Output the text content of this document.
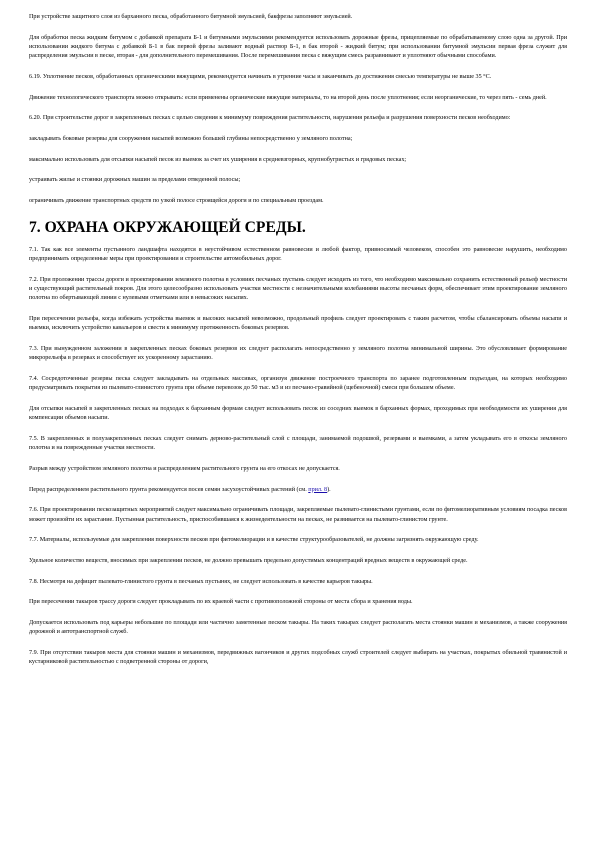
При устройстве защитного слоя из барханного песка, обработанного битумной эмульсией, бакфрезы заполняют эмульсией.

Для обработки песка жидким битумом с добавкой препарата Б-1 и битумными эмульсиями рекомендуется использовать дорожные фрезы, прицепляемые по обрабатываемому слою одна за другой. При использовании жидкого битума с добавкой Б-1 в бак первой фрезы заливают водный раствор Б-1, в бак второй - жидкий битум; при использовании битумной эмульсии первая фреза служит для распределения эмульсии в песке, вторая - для дополнительного перемешивания. После перемешивания песка с вяжущим смесь разравнивают и уплотняют обычными способами.

6.19. Уплотнение песков, обработанных органическими вяжущими, рекомендуется начинать в утренние часы и заканчивать до достижения смесью температуры не выше 35 °С.

Движение технологического транспорта можно открывать: если применены органические вяжущие материалы, то на второй день после уплотнения; если неорганические, то через пять - семь дней.

6.20. При строительстве дорог в закрепленных песках с целью сведения к минимуму повреждения растительности, нарушения рельефа и разрушения поверхности песков необходимо:

закладывать боковые резервы для сооружения насыпей возможно большей глубины непосредственно у земляного полотна;

максимально использовать для отсыпки насыпей песок из выемок за счет их уширения в средневзгорных, крупнобугристых и грядовых песках;

устраивать жилье и стоянки дорожных машин за пределами отведенной полосы;

ограничивать движение транспортных средств по узкой полосе строящейся дороги и по специальным проездам.

7. ОХРАНА ОКРУЖАЮЩЕЙ СРЕДЫ.

7.1. Так как все элементы пустынного ландшафта находятся в неустойчивом естественном равновесии и любой фактор, привносимый человеком, способен это равновесие нарушить, необходимо предпринимать определенные меры при проектировании и строительстве автомобильных дорог.

7.2. При проложении трассы дороги и проектировании земляного полотна в условиях песчаных пустынь следует исходить из того, что необходимо максимально сохранить естественный рельеф местности и существующий растительный покров. Для этого целесообразно использовать участки местности с незначительными колебаниями высоты песчаных форм, обеспечивает этим проектирование земляного полотна по обертывающей линии с нулевыми отметками или в невысоких насыпях.

При пересечении рельефа, когда избежать устройства выемок и высоких насыпей невозможно, продольный профиль следует проектировать с таким расчетом, чтобы сбалансировать объемы насыпи и выемки, исключить устройство кавальеров и свести к минимуму протяженность боковых резервов.

7.3. При вынужденном заложении в закрепленных песках боковых резервов их следует располагать непосредственно у земляного полотна минимальной ширины. Это обусловливает формирование микрорельефа в резервах и способствует их ускоренному зарастанию.

7.4. Сосредоточенные резервы песка следует закладывать на отдельных массивах, организуя движение построечного транспорта по заранее подготовленным подъездам, на которых необходимо предусматривать покрытия из пылевато-глинистого грунта при объеме перевозок до 50 тыс. м3 и из песчано-гравийной (щебеночной) смеси при большем объеме.

Для отсыпки насыпей в закрепленных песках на подходах к барханным формам следует использовать песок из соседних выемок в барханных формах, проходимых при необходимости их уширения для компенсации объемов насыпи.

7.5. В закрепленных и полузакрепленных песках следует снимать дерново-растительный слой с площади, занимаемой подошвой, резервами и выемками, а затем укладывать его в откосы земляного полотна и на поврежденные участки местности.

Разрыв между устройством земляного полотна и распределением растительного грунта на его откосах не допускается.

Перед распределением растительного грунта рекомендуется посев семян засухоустойчивых растений (см. прил. 8).

7.6. При проектировании пескозащитных мероприятий следует максимально ограничивать площади, закрепляемые пылевато-глинистыми грунтами, если по фитомелиоративным условиям посадка песков может произойти их зарастание. Пустынная растительность, приспособившаяся к жизнедеятельности на песках, не развивается на пылевато-глинистом грунте.

7.7. Материалы, используемые для закрепления поверхности песков при фитомелиорации и в качестве структурообразователей, не должны загрязнять окружающую среду.

Удельное количество веществ, вносимых при закреплении песков, не должно превышать предельно допустимых концентраций вредных веществ в окружающей среде.

7.8. Несмотря на дефицит пылевато-глинистого грунта в песчаных пустынях, не следует использовать в качестве карьеров такыры.

При пересечении такыров трассу дороги следует прокладывать по их краевой части с противоположной стороны от места сбора и хранения воды.

Допускается использовать под карьеры небольшие по площади или частично заметенные песком такыры. На таких такырах следует располагать места стоянки машин и механизмов, а также сооружения дорожной и автотранспортной служб.

7.9. При отсутствии такыров места для стоянки машин и механизмов, передвижных вагончиков и других подсобных служб строителей следует выбирать на участках, покрытых обильной травянистой и кустарниковой растительностью с подветренной стороны от дороги,
